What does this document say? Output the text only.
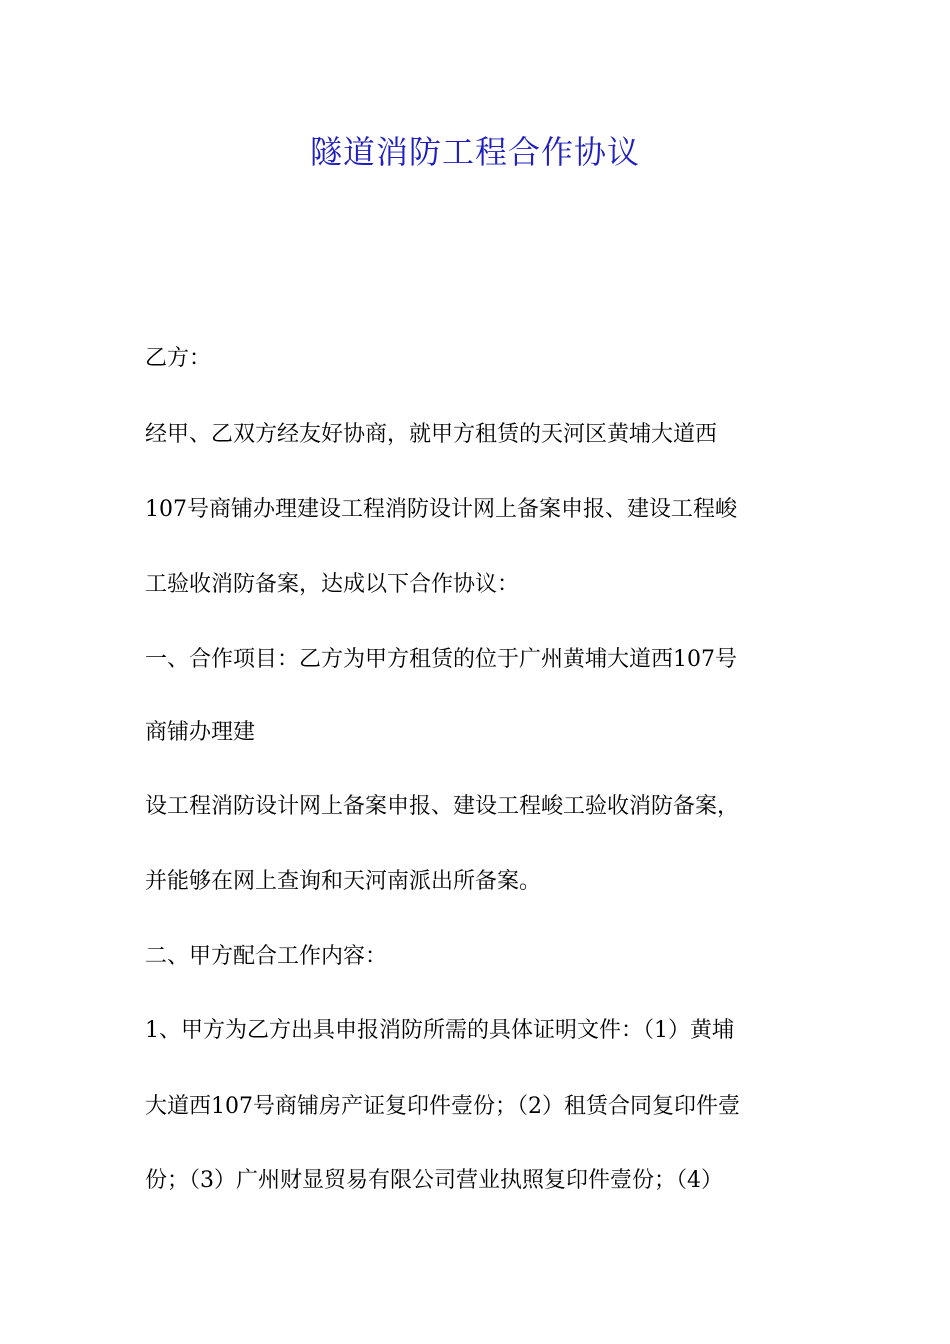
隧道消防工程合作协议
乙方：
经甲、乙双方经友好协商，就甲方租赁的天河区黄埔大道西
107号商铺办理建设工程消防设计网上备案申报、建设工程峻
工验收消防备案，达成以下合作协议：
一、合作项目：乙方为甲方租赁的位于广州黄埔大道西107号
商铺办理建
设工程消防设计网上备案申报、建设工程峻工验收消防备案，
并能够在网上查询和天河南派出所备案。
二、甲方配合工作内容：
1、甲方为乙方出具申报消防所需的具体证明文件：（1）黄埔
大道西107号商铺房产证复印件壹份；（2）租赁合同复印件壹
份；（3）广州财显贸易有限公司营业执照复印件壹份；（4）
